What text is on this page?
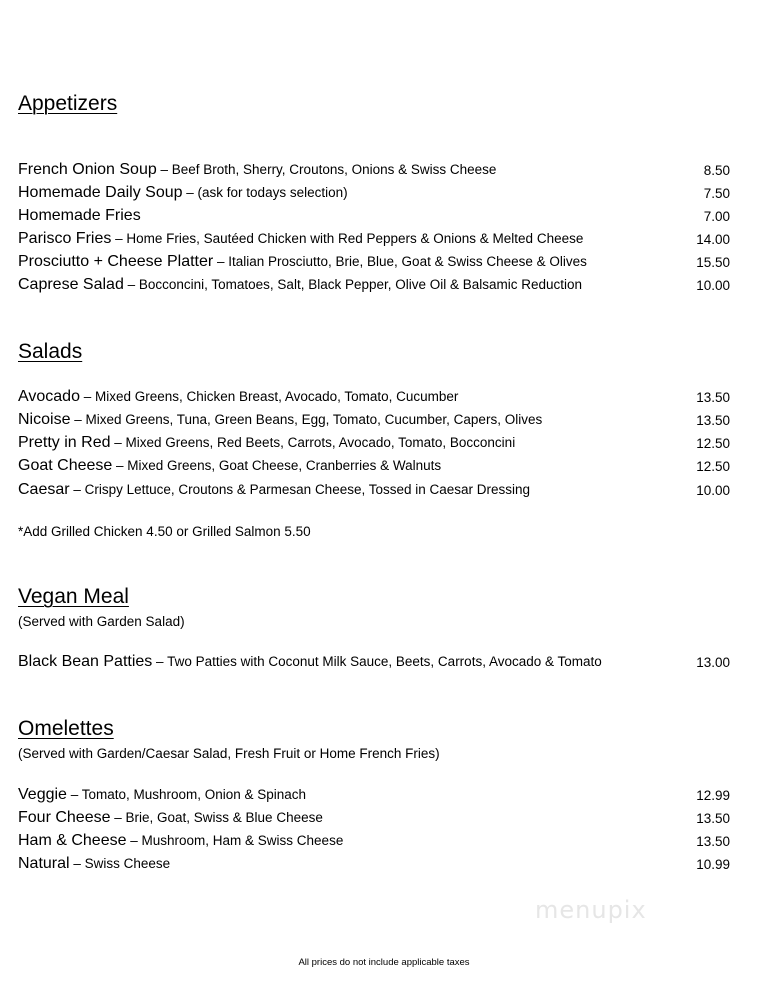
Appetizers
French Onion Soup – Beef Broth, Sherry, Croutons, Onions & Swiss Cheese	8.50
Homemade Daily Soup – (ask for todays selection)	7.50
Homemade Fries	7.00
Parisco Fries – Home Fries, Sautéed Chicken with Red Peppers & Onions & Melted Cheese	14.00
Prosciutto + Cheese Platter – Italian Prosciutto, Brie, Blue, Goat & Swiss Cheese & Olives	15.50
Caprese Salad – Bocconcini, Tomatoes, Salt, Black Pepper, Olive Oil & Balsamic Reduction	10.00
Salads
Avocado – Mixed Greens, Chicken Breast, Avocado, Tomato, Cucumber	13.50
Nicoise – Mixed Greens, Tuna, Green Beans, Egg, Tomato, Cucumber, Capers, Olives	13.50
Pretty in Red – Mixed Greens, Red Beets, Carrots, Avocado, Tomato, Bocconcini	12.50
Goat Cheese – Mixed Greens, Goat Cheese, Cranberries & Walnuts	12.50
Caesar – Crispy Lettuce, Croutons & Parmesan Cheese, Tossed in Caesar Dressing	10.00
*Add Grilled Chicken 4.50 or Grilled Salmon 5.50
Vegan Meal
(Served with Garden Salad)
Black Bean Patties – Two Patties with Coconut Milk Sauce, Beets, Carrots, Avocado & Tomato	13.00
Omelettes
(Served with Garden/Caesar Salad, Fresh Fruit or Home French Fries)
Veggie – Tomato, Mushroom, Onion & Spinach	12.99
Four Cheese – Brie, Goat, Swiss & Blue Cheese	13.50
Ham & Cheese – Mushroom, Ham & Swiss Cheese	13.50
Natural – Swiss Cheese	10.99
menupix
All prices do not include applicable taxes
